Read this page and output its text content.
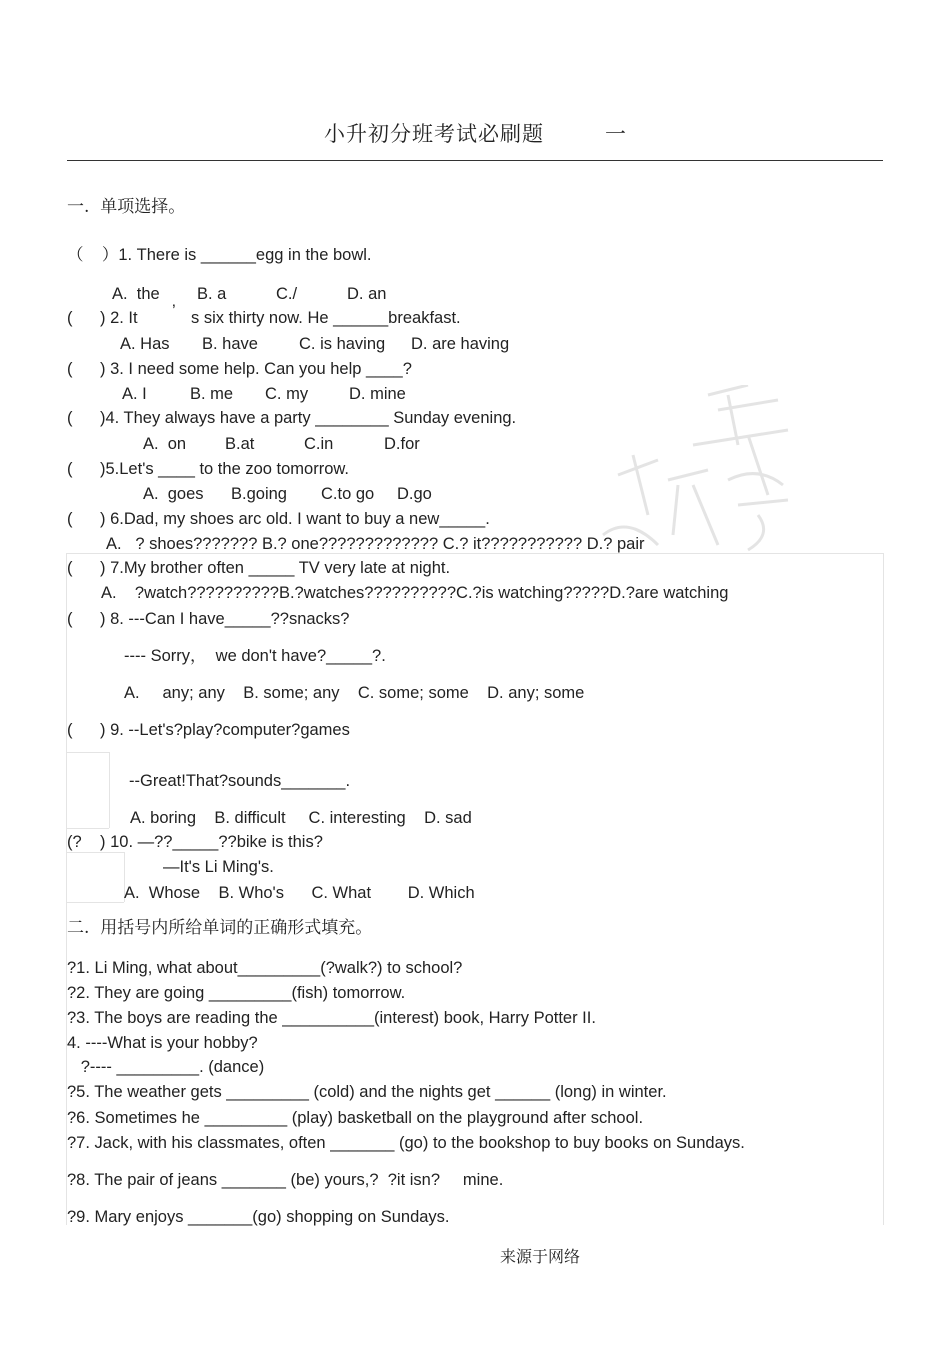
小升初分班考试必刷题	一
一.  单项选择。
（    ）1. There is ______egg in the bowl.
A.  the B. a	C./	D. an
(      ) 2. It ’ s six thirty now. He ______breakfast.
A. Has B. have C. is having D. are having
(      ) 3. I need some help. Can you help ____?
A. I	B. me C. my D. mine
(      )4. They always have a party ________ Sunday evening.
A.  on B.at	C.in	D.for
(      )5.Let's ____ to the zoo tomorrow.
A.  goes B.going C.to go D.go
(      ) 6.Dad, my shoes arc old. I want to buy a new_____.
A.   ? shoes??????? B.? one????????????? C.? it??????????? D.? pair
(      ) 7.My brother often _____ TV very late at night.
A.    ?watch??????????B.?watches??????????C.?is watching?????D.?are watching
(      ) 8. ---Can I have_____??snacks?
---- Sorry，  we don't have?_____?.
A.     any; any    B. some; any    C. some; some    D. any; some
(      ) 9. --Let's?play?computer?games
--Great!That?sounds_______.
A. boring    B. difficult     C. interesting    D. sad
(?    ) 10. —??_____??bike is this?
—It's Li Ming's.
A.  Whose    B. Who's      C. What        D. Which
二.  用括号内所给单词的正确形式填充。
?1. Li Ming, what about_________(?walk?) to school?
?2. They are going _________(fish) tomorrow.
?3. The boys are reading the __________(interest) book, Harry Potter II.
4. ----What is your hobby?
?---- _________. (dance)
?5. The weather gets _________ (cold) and the nights get ______ (long) in winter.
?6. Sometimes he _________ (play) basketball on the playground after school.
?7. Jack, with his classmates, often _______ (go) to the bookshop to buy books on Sundays.
?8. The pair of jeans _______ (be) yours,?  ?it isn?     mine.
?9. Mary enjoys _______(go) shopping on Sundays.
来源于网络
